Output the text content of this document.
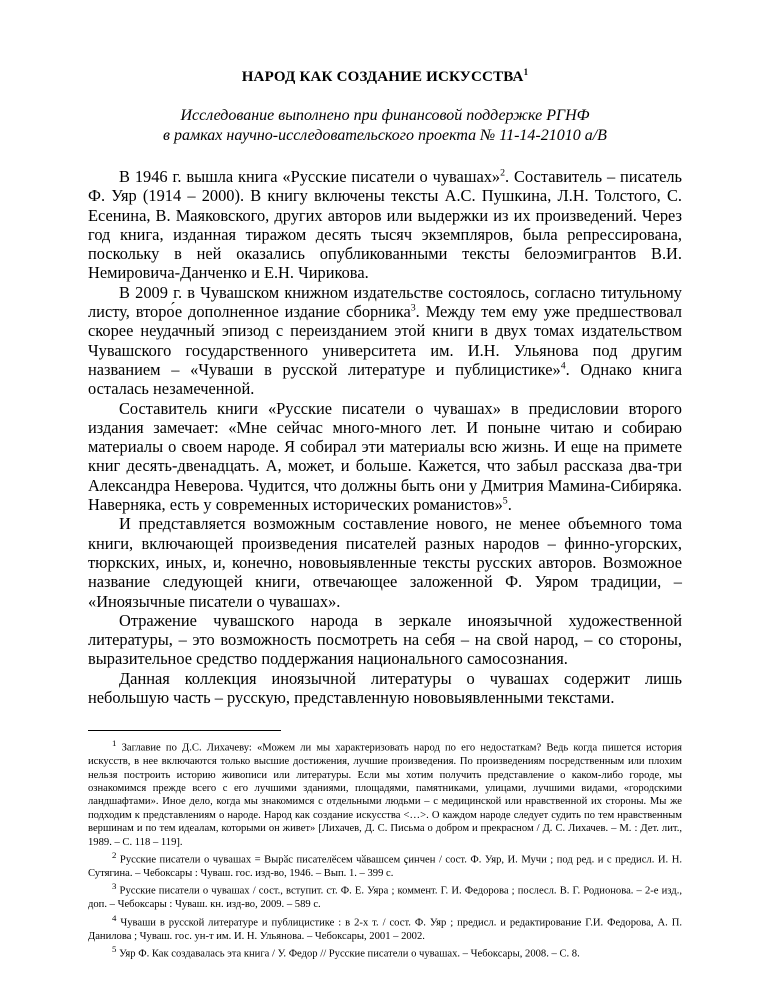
НАРОД КАК СОЗДАНИЕ ИСКУССТВА$^1$
Исследование выполнено при финансовой поддержке РГНФ
в рамках научно-исследовательского проекта № 11-14-21010 а/В

В 1946 г. вышла книга «Русские писатели о чувашах»$^2$. Составитель – писатель Ф. Уяр (1914 – 2000). В книгу включены тексты А.С. Пушкина, Л.Н. Толстого, С. Есенина, В. Маяковского, других авторов или выдержки из их произведений. Через год книга, изданная тиражом десять тысяч экземпляров, была репрессирована, поскольку в ней оказались опубликованными тексты белоэмигрантов В.И. Немировича-Данченко и Е.Н. Чирикова.

В 2009 г. в Чувашском книжном издательстве состоялось, согласно титульному листу, второ́е дополненное издание сборника$^3$. Между тем ему уже предшествовал скорее неудачный эпизод с переизданием этой книги в двух томах издательством Чувашского государственного университета им. И.Н. Ульянова под другим названием – «Чуваши в русской литературе и публицистике»$^4$. Однако книга осталась незамеченной.

Составитель книги «Русские писатели о чувашах» в предисловии второго издания замечает: «Мне сейчас много-много лет. И поныне читаю и собираю материалы о своем народе. Я собирал эти материалы всю жизнь. И еще на примете книг десять-двенадцать. А, может, и больше. Кажется, что забыл рассказа два-три Александра Неверова. Чудится, что должны быть они у Дмитрия Мамина-Сибиряка. Наверняка, есть у современных исторических романистов»$^5$.

И представляется возможным составление нового, не менее объемного тома книги, включающей произведения писателей разных народов – финно-угорских, тюркских, иных, и, конечно, нововыявленные тексты русских авторов. Возможное название следующей книги, отвечающее заложенной Ф. Уяром традиции, – «Иноязычные писатели о чувашах».

Отражение чувашского народа в зеркале иноязычной художественной литературы, – это возможность посмотреть на себя – на свой народ, – со стороны, выразительное средство поддержания национального самосознания.

Данная коллекция иноязычной литературы о чувашах содержит лишь небольшую часть – русскую, представленную нововыявленными текстами.

$^1$ Заглавие по Д.С. Лихачеву: «Можем ли мы характеризовать народ по его недостаткам? Ведь когда пишется история искусств, в нее включаются только высшие достижения, лучшие произведения. По произведениям посредственным или плохим нельзя построить историю живописи или литературы. Если мы хотим получить представление о каком-либо городе, мы ознакомимся прежде всего с его лучшими зданиями, площадями, памятниками, улицами, лучшими видами, «городскими ландшафтами». Иное дело, когда мы знакомимся с отдельными людьми – с медицинской или нравственной их стороны. Мы же подходим к представлениям о народе. Народ как создание искусства <…>. О каждом народе следует судить по тем нравственным вершинам и по тем идеалам, которыми он живет» [Лихачев, Д. С. Письма о добром и прекрасном / Д. С. Лихачев. – М. : Дет. лит., 1989. – С. 118 – 119].

$^2$ Русские писатели о чувашах = Вырӑс писателӗсем чӑвашсем ҫинчен / сост. Ф. Уяр, И. Мучи ; под ред. и с предисл. И. Н. Сутягина. – Чебоксары : Чуваш. гос. изд-во, 1946. – Вып. 1. – 399 с.

$^3$ Русские писатели о чувашах / сост., вступит. ст. Ф. Е. Уяра ; коммент. Г. И. Федорова ; послесл. В. Г. Родионова. – 2-е изд., доп. – Чебоксары : Чуваш. кн. изд-во, 2009. – 589 с.

$^4$ Чуваши в русской литературе и публицистике : в 2-х т. / сост. Ф. Уяр ; предисл. и редактирование Г.И. Федорова, А. П. Данилова ; Чуваш. гос. ун-т им. И. Н. Ульянова. – Чебоксары, 2001 – 2002.

$^5$ Уяр Ф. Как создавалась эта книга / У. Федор // Русские писатели о чувашах. – Чебоксары, 2008. – С. 8.
